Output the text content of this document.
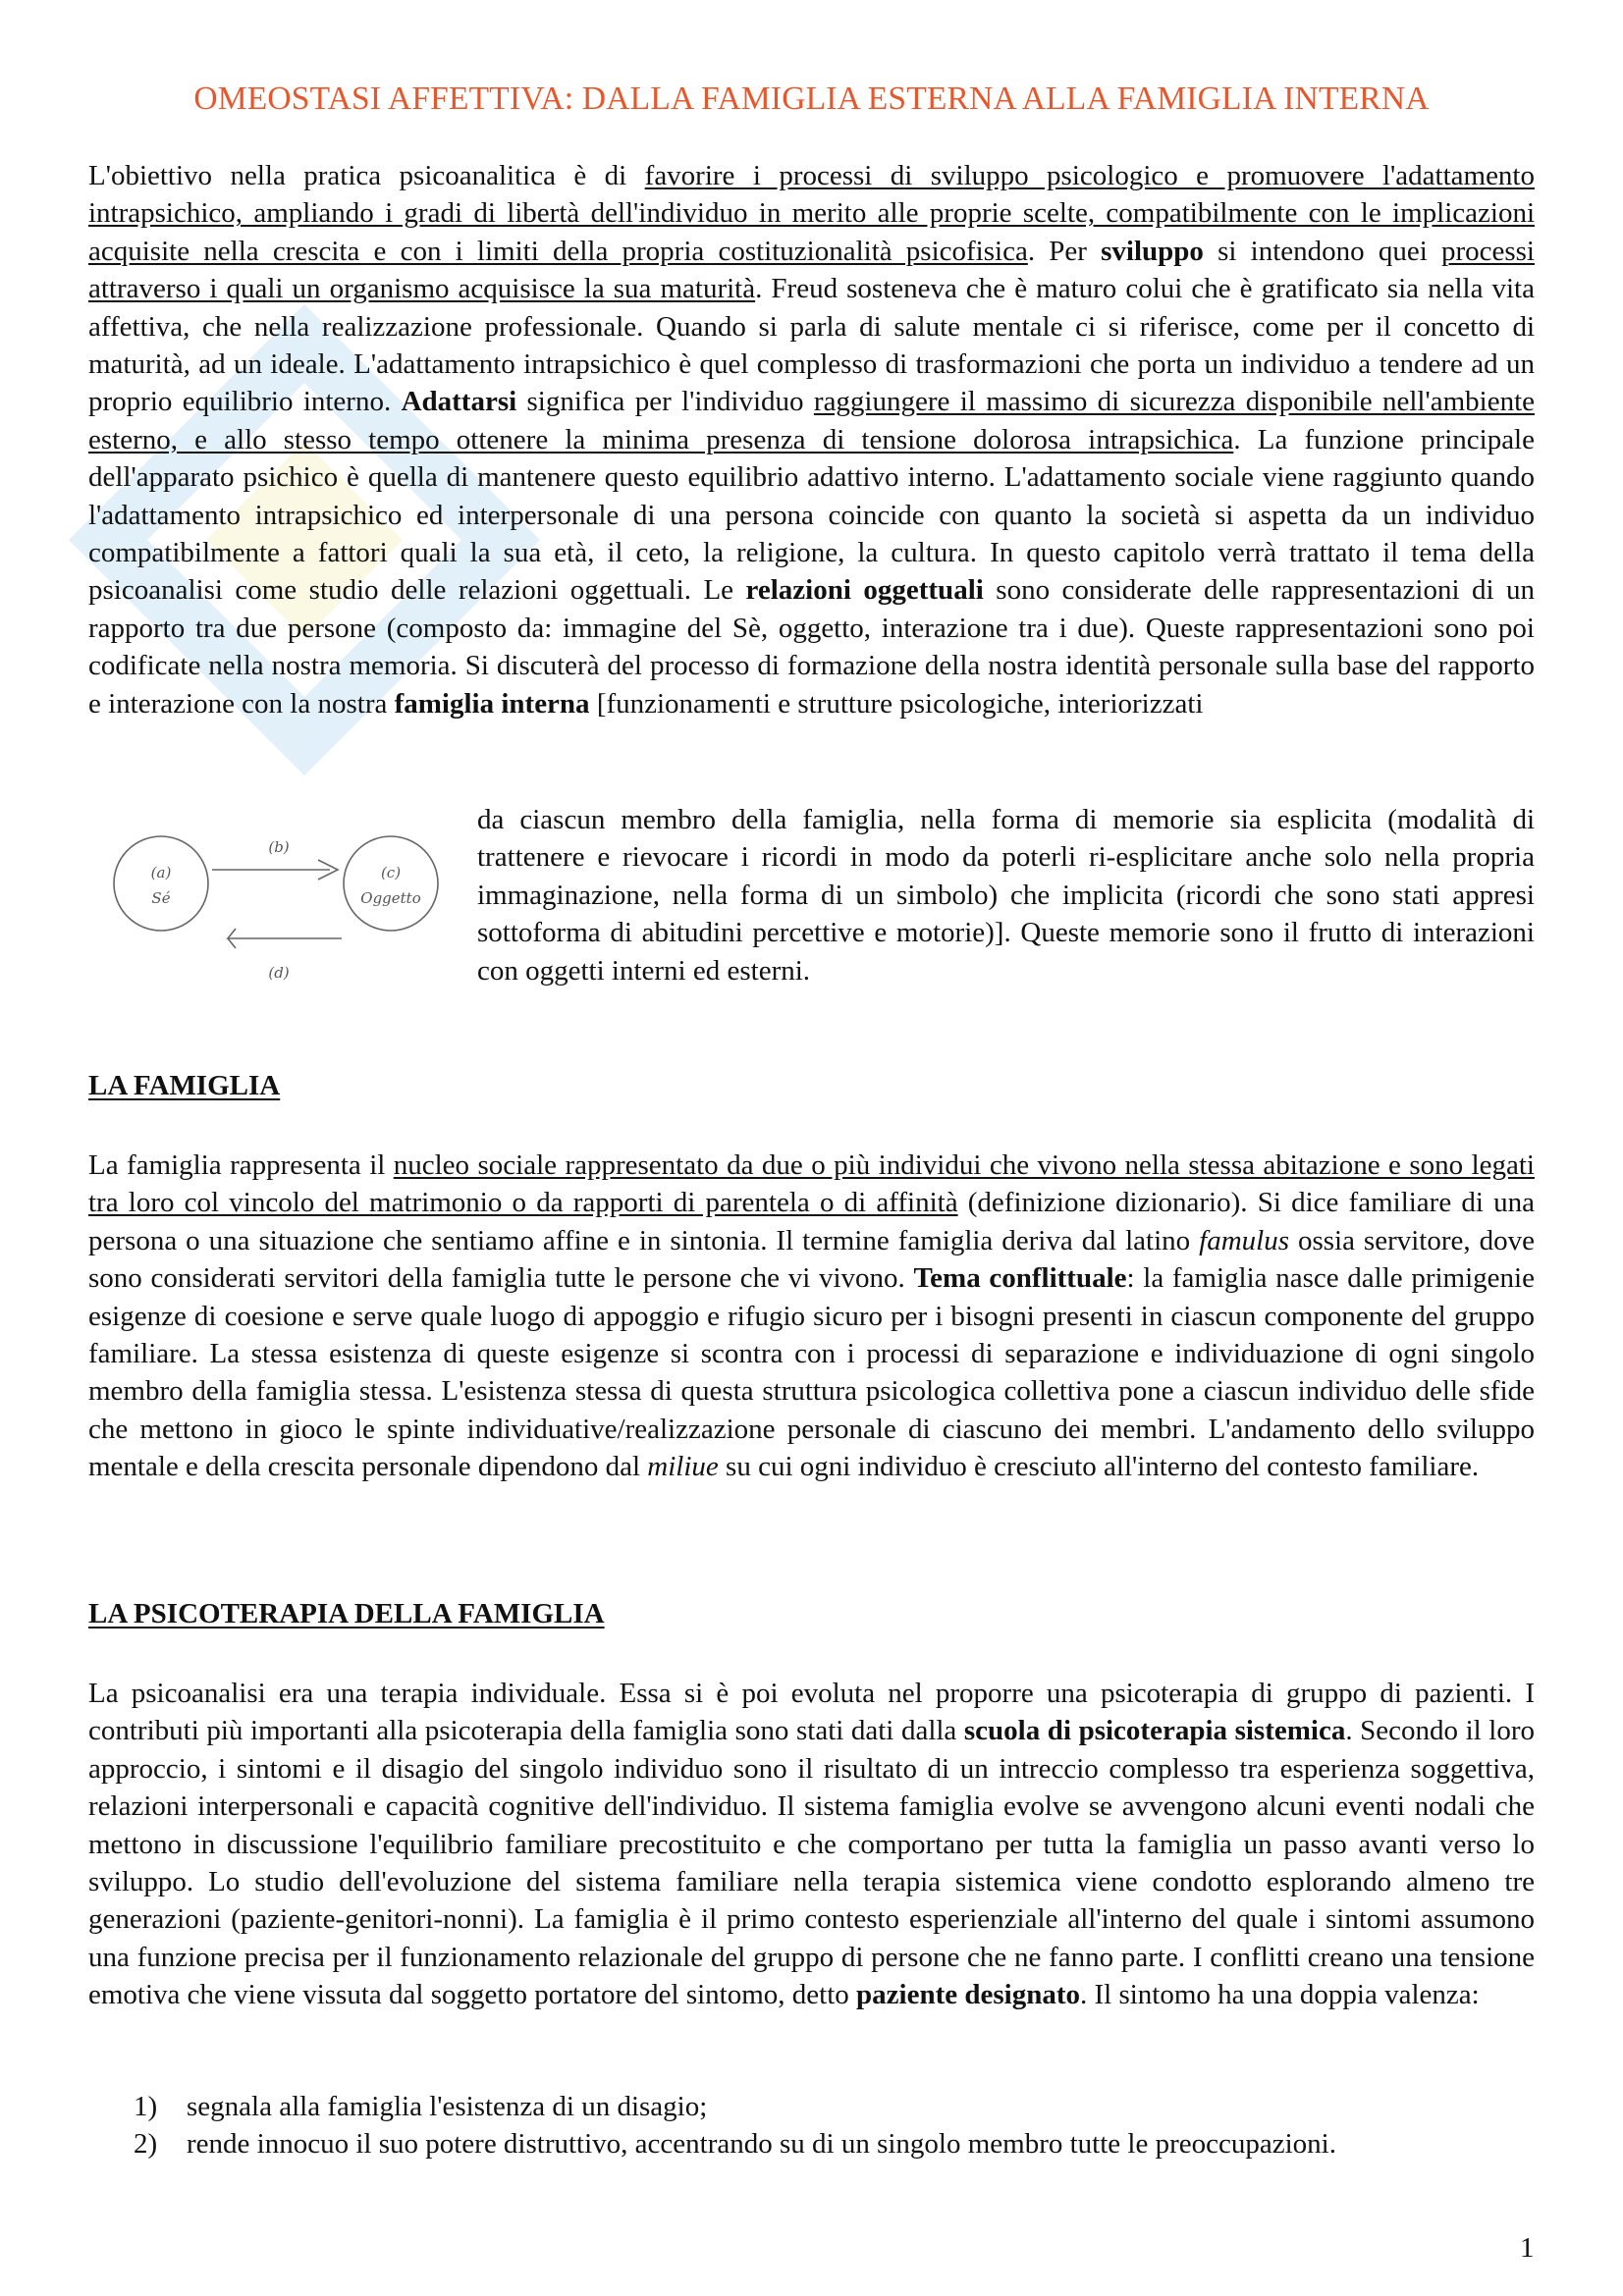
OMEOSTASI AFFETTIVA: DALLA FAMIGLIA ESTERNA ALLA FAMIGLIA INTERNA

L'obiettivo nella pratica psicoanalitica è di favorire i processi di sviluppo psicologico e promuovere l'adattamento intrapsichico, ampliando i gradi di libertà dell'individuo in merito alle proprie scelte, compatibilmente con le implicazioni acquisite nella crescita e con i limiti della propria costituzionalità psicofisica. Per sviluppo si intendono quei processi attraverso i quali un organismo acquisisce la sua maturità. Freud sosteneva che è maturo colui che è gratificato sia nella vita affettiva, che nella realizzazione professionale. Quando si parla di salute mentale ci si riferisce, come per il concetto di maturità, ad un ideale. L'adattamento intrapsichico è quel complesso di trasformazioni che porta un individuo a tendere ad un proprio equilibrio interno. Adattarsi significa per l'individuo raggiungere il massimo di sicurezza disponibile nell'ambiente esterno, e allo stesso tempo ottenere la minima presenza di tensione dolorosa intrapsichica. La funzione principale dell'apparato psichico è quella di mantenere questo equilibrio adattivo interno. L'adattamento sociale viene raggiunto quando l'adattamento intrapsichico ed interpersonale di una persona coincide con quanto la società si aspetta da un individuo compatibilmente a fattori quali la sua età, il ceto, la religione, la cultura. In questo capitolo verrà trattato il tema della psicoanalisi come studio delle relazioni oggettuali. Le relazioni oggettuali sono considerate delle rappresentazioni di un rapporto tra due persone (composto da: immagine del Sè, oggetto, interazione tra i due). Queste rappresentazioni sono poi codificate nella nostra memoria. Si discuterà del processo di formazione della nostra identità personale sulla base del rapporto e interazione con la nostra famiglia interna [funzionamenti e strutture psicologiche, interiorizzati

(a)
Sé
(c)
Oggetto
(b)
(d)

da ciascun membro della famiglia, nella forma di memorie sia esplicita (modalità di trattenere e rievocare i ricordi in modo da poterli ri-esplicitare anche solo nella propria immaginazione, nella forma di un simbolo) che implicita (ricordi che sono stati appresi sottoforma di abitudini percettive e motorie)]. Queste memorie sono il frutto di interazioni con oggetti interni ed esterni.

LA FAMIGLIA

La famiglia rappresenta il nucleo sociale rappresentato da due o più individui che vivono nella stessa abitazione e sono legati tra loro col vincolo del matrimonio o da rapporti di parentela o di affinità (definizione dizionario). Si dice familiare di una persona o una situazione che sentiamo affine e in sintonia. Il termine famiglia deriva dal latino famulus ossia servitore, dove sono considerati servitori della famiglia tutte le persone che vi vivono. Tema conflittuale: la famiglia nasce dalle primigenie esigenze di coesione e serve quale luogo di appoggio e rifugio sicuro per i bisogni presenti in ciascun componente del gruppo familiare. La stessa esistenza di queste esigenze si scontra con i processi di separazione e individuazione di ogni singolo membro della famiglia stessa. L'esistenza stessa di questa struttura psicologica collettiva pone a ciascun individuo delle sfide che mettono in gioco le spinte individuative/realizzazione personale di ciascuno dei membri. L'andamento dello sviluppo mentale e della crescita personale dipendono dal miliue su cui ogni individuo è cresciuto all'interno del contesto familiare.

LA PSICOTERAPIA DELLA FAMIGLIA

La psicoanalisi era una terapia individuale. Essa si è poi evoluta nel proporre una psicoterapia di gruppo di pazienti. I contributi più importanti alla psicoterapia della famiglia sono stati dati dalla scuola di psicoterapia sistemica. Secondo il loro approccio, i sintomi e il disagio del singolo individuo sono il risultato di un intreccio complesso tra esperienza soggettiva, relazioni interpersonali e capacità cognitive dell'individuo. Il sistema famiglia evolve se avvengono alcuni eventi nodali che mettono in discussione l'equilibrio familiare precostituito e che comportano per tutta la famiglia un passo avanti verso lo sviluppo. Lo studio dell'evoluzione del sistema familiare nella terapia sistemica viene condotto esplorando almeno tre generazioni (paziente-genitori-nonni). La famiglia è il primo contesto esperienziale all'interno del quale i sintomi assumono una funzione precisa per il funzionamento relazionale del gruppo di persone che ne fanno parte. I conflitti creano una tensione emotiva che viene vissuta dal soggetto portatore del sintomo, detto paziente designato. Il sintomo ha una doppia valenza:

1) segnala alla famiglia l'esistenza di un disagio;
2) rende innocuo il suo potere distruttivo, accentrando su di un singolo membro tutte le preoccupazioni.
1
